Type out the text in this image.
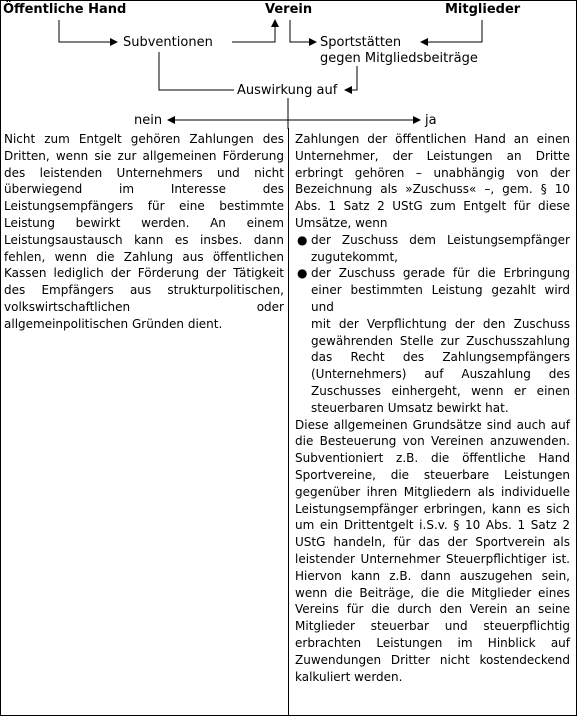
Öffentliche Hand	Verein	Mitglieder
Subventionen	Sportstätten
gegen Mitgliedsbeiträge
Auswirkung auf
nein	ja

Nicht zum Entgelt gehören Zahlungen des Dritten, wenn sie zur allgemeinen Förderung des leistenden Unternehmers und nicht überwiegend im Interesse des Leistungsempfängers für eine bestimmte Leistung bewirkt werden. An einem Leistungsaustausch kann es insbes. dann fehlen, wenn die Zahlung aus öffentlichen Kassen lediglich der Förderung der Tätigkeit des Empfängers aus strukturpolitischen, volkswirtschaftlichen oder allgemeinpolitischen Gründen dient.

Zahlungen der öffentlichen Hand an einen Unternehmer, der Leistungen an Dritte erbringt gehören – unabhängig von der Bezeichnung als »Zuschuss« –, gem. § 10 Abs. 1 Satz 2 UStG zum Entgelt für diese Umsätze, wenn

● der Zuschuss dem Leistungsempfänger zugutekommt,
● der Zuschuss gerade für die Erbringung einer bestimmten Leistung gezahlt wird und

mit der Verpflichtung der den Zuschuss gewährenden Stelle zur Zuschusszahlung das Recht des Zahlungsempfängers (Unternehmers) auf Auszahlung des Zuschusses einhergeht, wenn er einen steuerbaren Umsatz bewirkt hat.

Diese allgemeinen Grundsätze sind auch auf die Besteuerung von Vereinen anzuwenden. Subventioniert z.B. die öffentliche Hand Sportvereine, die steuerbare Leistungen gegenüber ihren Mitgliedern als individuelle Leistungsempfänger erbringen, kann es sich um ein Drittentgelt i.S.v. § 10 Abs. 1 Satz 2 UStG handeln, für das der Sportverein als leistender Unternehmer Steuerpflichtiger ist. Hiervon kann z.B. dann auszugehen sein, wenn die Beiträge, die die Mitglieder eines Vereins für die durch den Verein an seine Mitglieder steuerbar und steuerpflichtig erbrachten Leistungen im Hinblick auf Zuwendungen Dritter nicht kostendeckend kalkuliert werden.
